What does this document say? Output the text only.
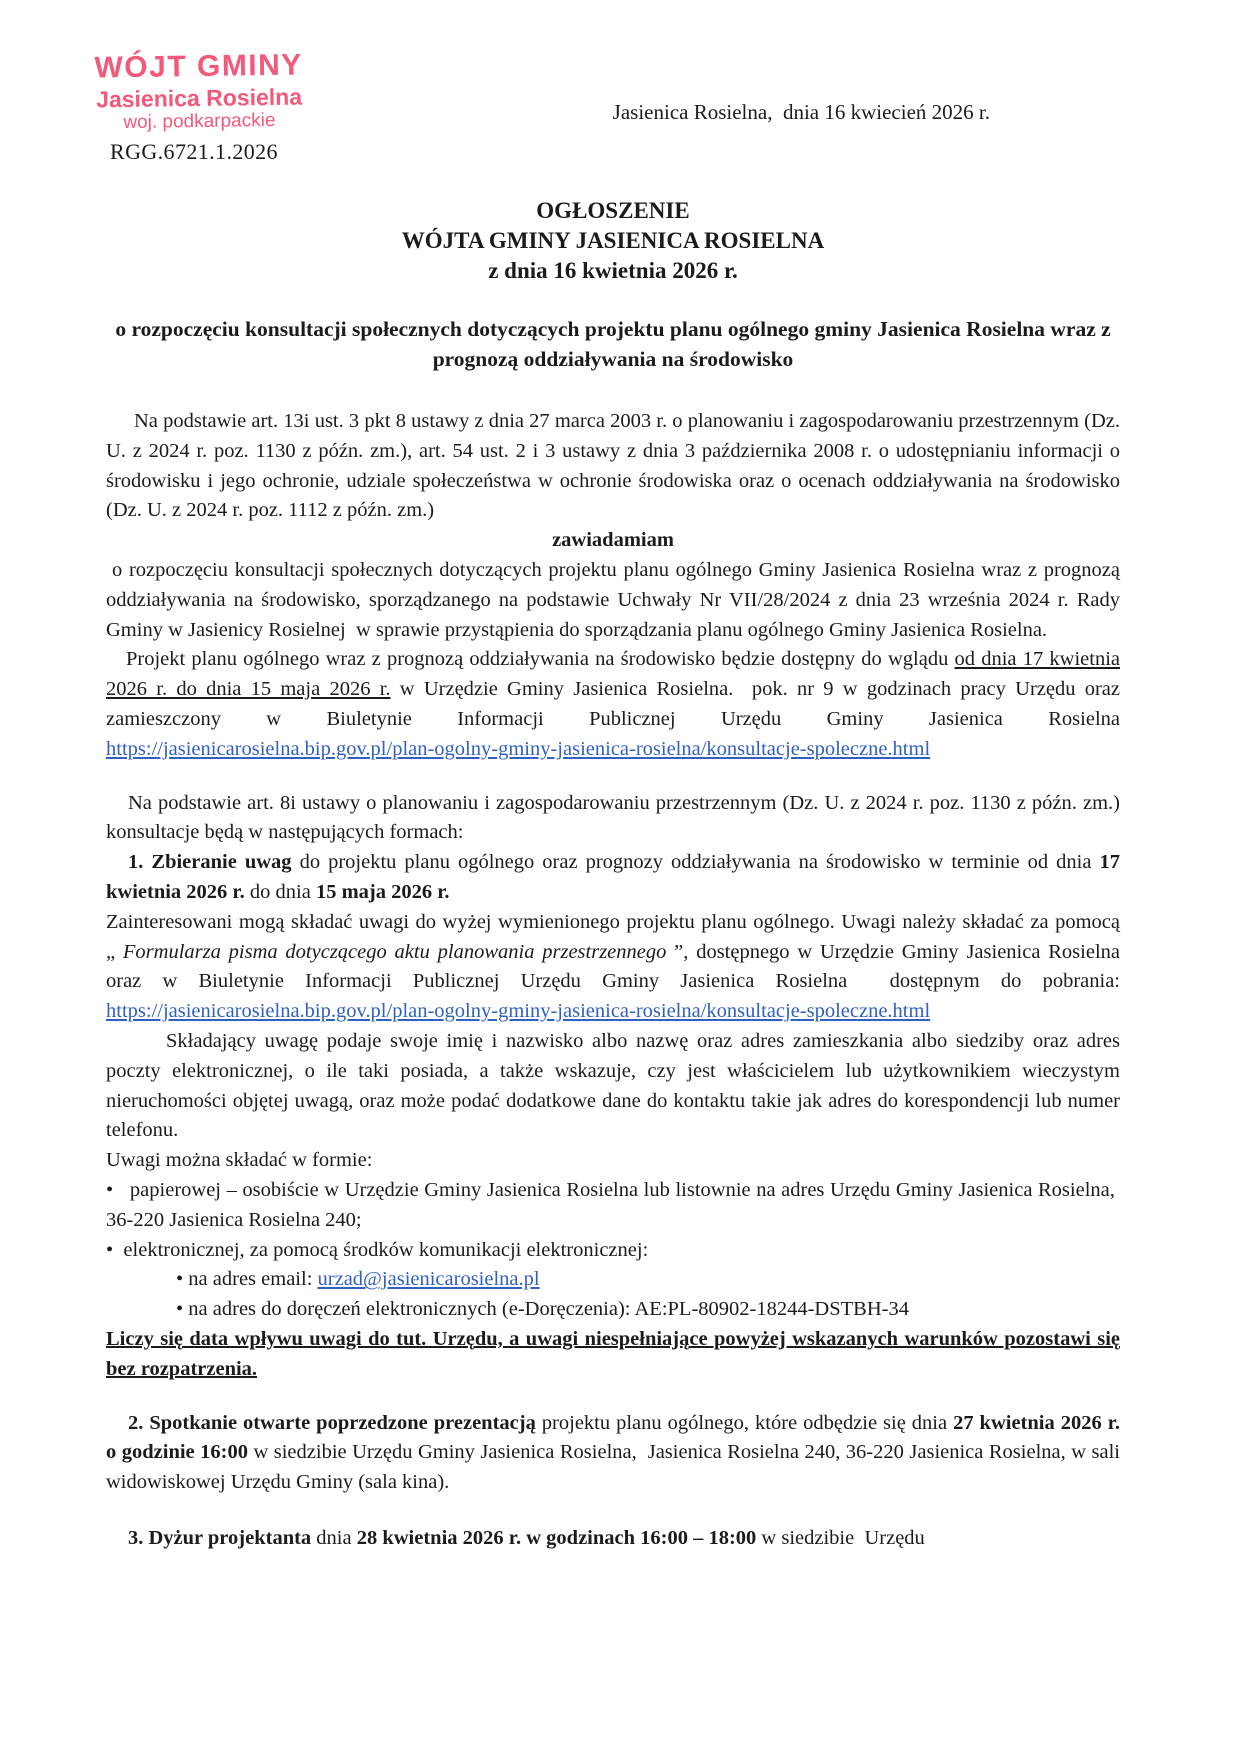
WÓJT GMINY
Jasienica Rosielna
woj. podkarpackie	Jasienica Rosielna,  dnia 16 kwiecień 2026 r.
RGG.6721.1.2026
OGŁOSZENIE
WÓJTA GMINY JASIENICA ROSIELNA
z dnia 16 kwietnia 2026 r.
o rozpoczęciu konsultacji społecznych dotyczących projektu planu ogólnego gminy Jasienica Rosielna wraz z prognozą oddziaływania na środowisko

Na podstawie art. 13i ust. 3 pkt 8 ustawy z dnia 27 marca 2003 r. o planowaniu i zagospodarowaniu przestrzennym (Dz. U. z 2024 r. poz. 1130 z późn. zm.), art. 54 ust. 2 i 3 ustawy z dnia 3 października 2008 r. o udostępnianiu informacji o środowisku i jego ochronie, udziale społeczeństwa w ochronie środowiska oraz o ocenach oddziaływania na środowisko (Dz. U. z 2024 r. poz. 1112 z późn. zm.)

zawiadamiam

o rozpoczęciu konsultacji społecznych dotyczących projektu planu ogólnego Gminy Jasienica Rosielna wraz z prognozą oddziaływania na środowisko, sporządzanego na podstawie Uchwały Nr VII/28/2024 z dnia 23 września 2024 r. Rady Gminy w Jasienicy Rosielnej  w sprawie przystąpienia do sporządzania planu ogólnego Gminy Jasienica Rosielna.

Projekt planu ogólnego wraz z prognozą oddziaływania na środowisko będzie dostępny do wglądu od dnia 17 kwietnia 2026 r. do dnia 15 maja 2026 r. w Urzędzie Gminy Jasienica Rosielna.  pok. nr 9 w godzinach pracy Urzędu oraz zamieszczony w Biuletynie Informacji Publicznej Urzędu Gminy Jasienica Rosielna https://jasienicarosielna.bip.gov.pl/plan-ogolny-gminy-jasienica-​rosielna/konsultacje-spoleczne.html

Na podstawie art. 8i ustawy o planowaniu i zagospodarowaniu przestrzennym (Dz. U. z 2024 r. poz. 1130 z późn. zm.) konsultacje będą w następujących formach:

1. Zbieranie uwag do projektu planu ogólnego oraz prognozy oddziaływania na środowisko w terminie od dnia 17 kwietnia 2026 r. do dnia 15 maja 2026 r.

Zainteresowani mogą składać uwagi do wyżej wymienionego projektu planu ogólnego. Uwagi należy składać za pomocą „ Formularza pisma dotyczącego aktu planowania przestrzennego ”, dostępnego w Urzędzie Gminy Jasienica Rosielna oraz w Biuletynie Informacji Publicznej Urzędu Gminy Jasienica Rosielna  dostępnym do pobrania: https://jasienicarosielna.bip.gov.pl/plan-ogolny-​gminy-jasienica-rosielna/konsultacje-spoleczne.html

Składający uwagę podaje swoje imię i nazwisko albo nazwę oraz adres zamieszkania albo siedziby oraz adres poczty elektronicznej, o ile taki posiada, a także wskazuje, czy jest właścicielem lub użytkownikiem wieczystym nieruchomości objętej uwagą, oraz może podać dodatkowe dane do kontaktu takie jak adres do korespondencji lub numer telefonu.

Uwagi można składać w formie:

•   papierowej – osobiście w Urzędzie Gminy Jasienica Rosielna lub listownie na adres Urzędu Gminy Jasienica Rosielna,  36-220 Jasienica Rosielna 240;

•  elektronicznej, za pomocą środków komunikacji elektronicznej:

• na adres email: urzad@jasienicarosielna.pl

• na adres do doręczeń elektronicznych (e-Doręczenia): AE:PL-80902-18244-DSTBH-34

Liczy się data wpływu uwagi do tut. Urzędu, a uwagi niespełniające powyżej wskazanych warunków pozostawi się bez rozpatrzenia.

2. Spotkanie otwarte poprzedzone prezentacją projektu planu ogólnego, które odbędzie się dnia 27 kwietnia 2026 r. o godzinie 16:00 w siedzibie Urzędu Gminy Jasienica Rosielna,  Jasienica Rosielna 240, 36-220 Jasienica Rosielna, w sali widowiskowej Urzędu Gminy (sala kina).

3. Dyżur projektanta dnia 28 kwietnia 2026 r. w godzinach 16:00 – 18:00 w siedzibie  Urzędu
